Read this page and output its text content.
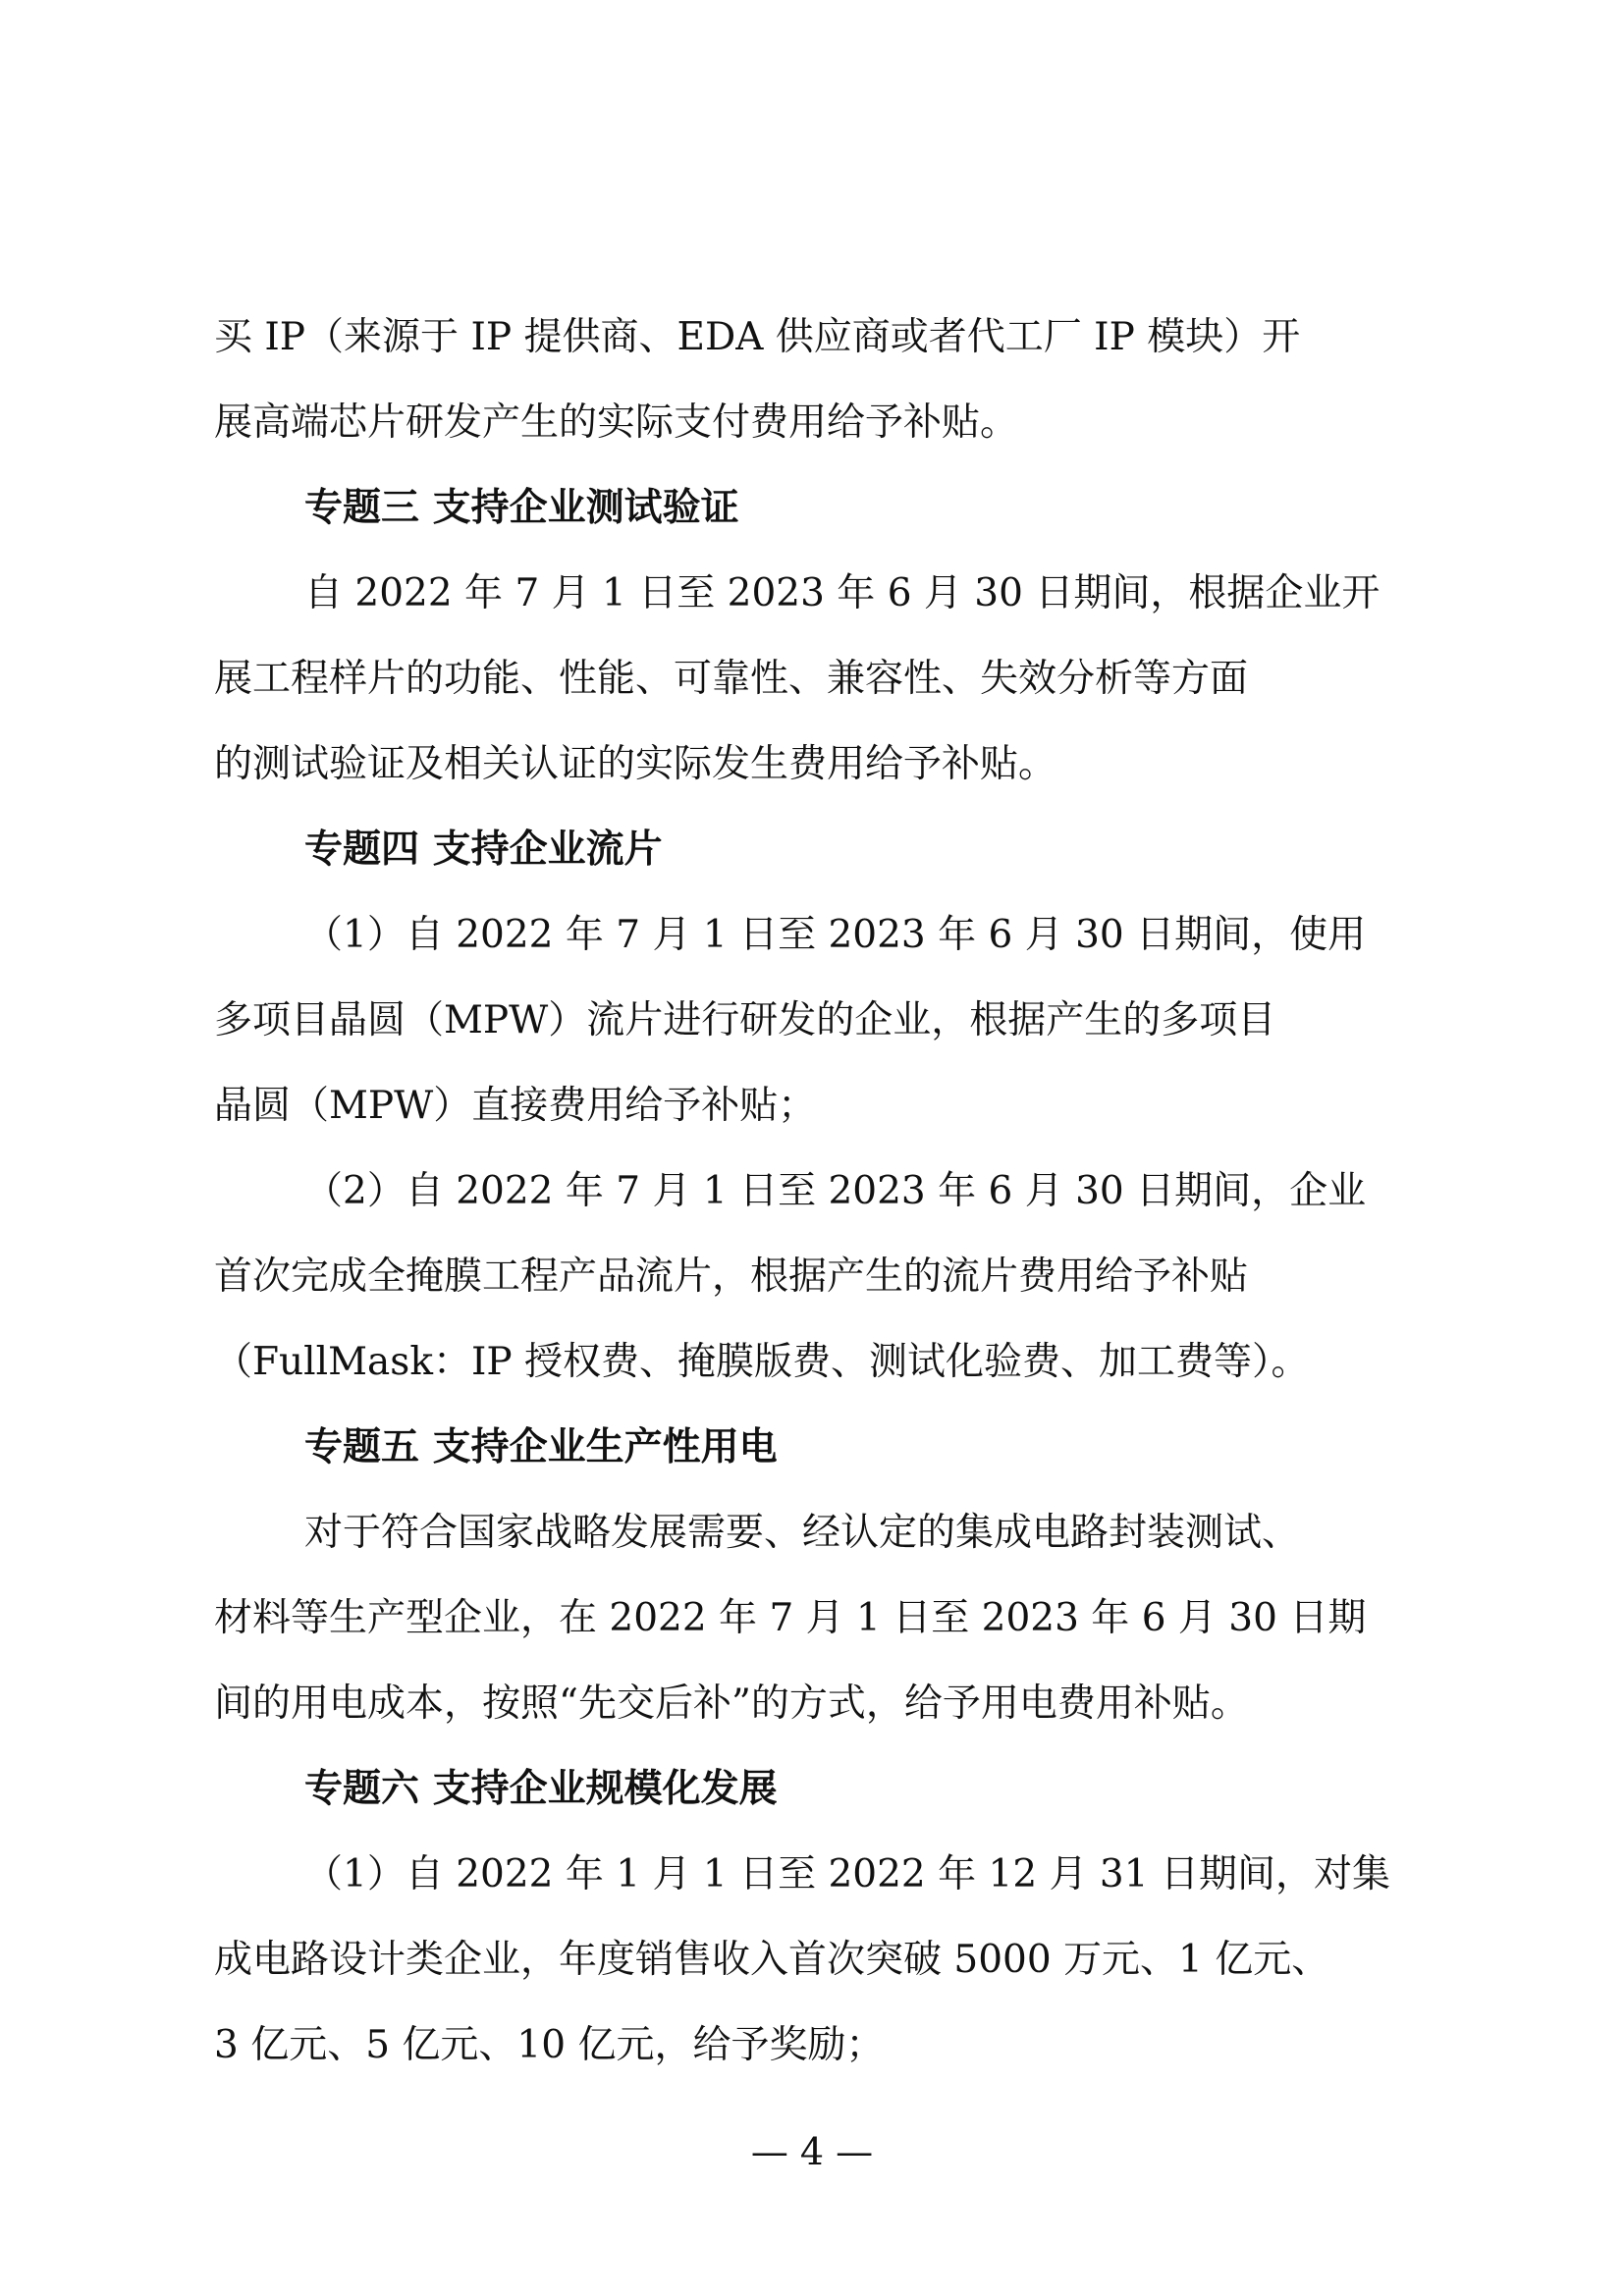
买 IP（来源于 IP 提供商、EDA 供应商或者代工厂 IP 模块）开
展高端芯片研发产生的实际支付费用给予补贴。
专题三 支持企业测试验证
自 2022 年 7 月 1 日至 2023 年 6 月 30 日期间，根据企业开
展工程样片的功能、性能、可靠性、兼容性、失效分析等方面
的测试验证及相关认证的实际发生费用给予补贴。
专题四 支持企业流片
（1）自 2022 年 7 月 1 日至 2023 年 6 月 30 日期间，使用
多项目晶圆（MPW）流片进行研发的企业，根据产生的多项目
晶圆（MPW）直接费用给予补贴；
（2）自 2022 年 7 月 1 日至 2023 年 6 月 30 日期间，企业
首次完成全掩膜工程产品流片，根据产生的流片费用给予补贴
（FullMask：IP 授权费、掩膜版费、测试化验费、加工费等）。
专题五 支持企业生产性用电
对于符合国家战略发展需要、经认定的集成电路封装测试、
材料等生产型企业，在 2022 年 7 月 1 日至 2023 年 6 月 30 日期
间的用电成本，按照“先交后补”的方式，给予用电费用补贴。
专题六 支持企业规模化发展
（1）自 2022 年 1 月 1 日至 2022 年 12 月 31 日期间，对集
成电路设计类企业，年度销售收入首次突破 5000 万元、1 亿元、
3 亿元、5 亿元、10 亿元，给予奖励；
— 4 —
